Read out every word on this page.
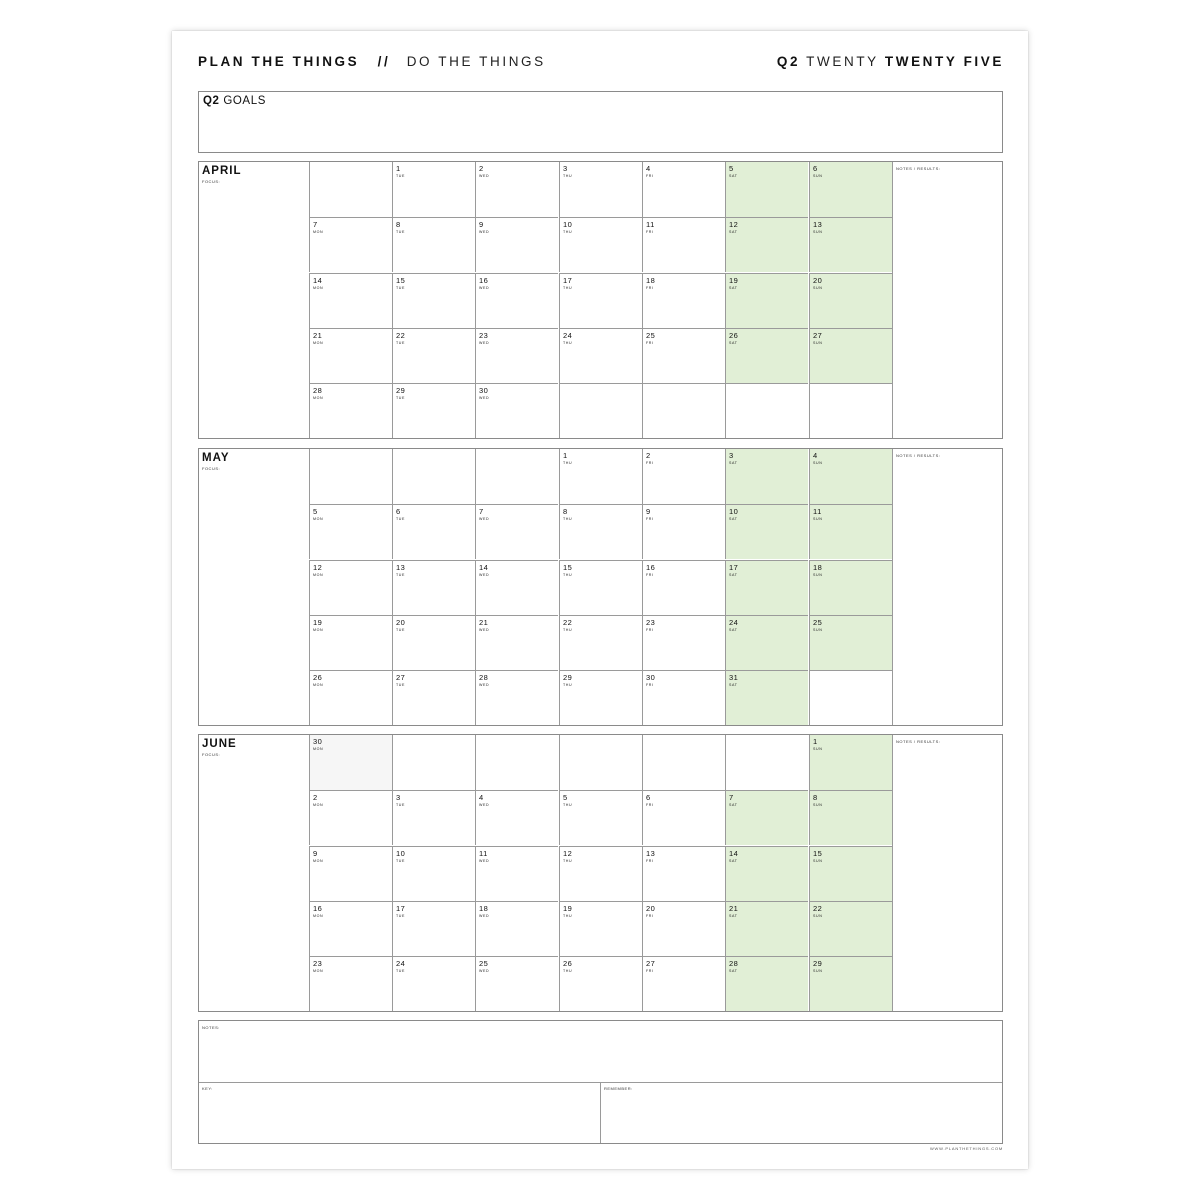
PLAN THE THINGS // DO THE THINGS	Q2 TWENTY TWENTY FIVE
Q2 GOALS
APRIL
FOCUS:
NOTES / RESULTS:
1
TUE
2
WED
3
THU
4
FRI
5
SAT
6
SUN
7
MON
8
TUE
9
WED
10
THU
11
FRI
12
SAT
13
SUN
14
MON
15
TUE
16
WED
17
THU
18
FRI
19
SAT
20
SUN
21
MON
22
TUE
23
WED
24
THU
25
FRI
26
SAT
27
SUN
28
MON
29
TUE
30
WED
MAY
FOCUS:
NOTES / RESULTS:
1
THU
2
FRI
3
SAT
4
SUN
5
MON
6
TUE
7
WED
8
THU
9
FRI
10
SAT
11
SUN
12
MON
13
TUE
14
WED
15
THU
16
FRI
17
SAT
18
SUN
19
MON
20
TUE
21
WED
22
THU
23
FRI
24
SAT
25
SUN
26
MON
27
TUE
28
WED
29
THU
30
FRI
31
SAT
JUNE
FOCUS:
NOTES / RESULTS:
30
MON
1
SUN
2
MON
3
TUE
4
WED
5
THU
6
FRI
7
SAT
8
SUN
9
MON
10
TUE
11
WED
12
THU
13
FRI
14
SAT
15
SUN
16
MON
17
TUE
18
WED
19
THU
20
FRI
21
SAT
22
SUN
23
MON
24
TUE
25
WED
26
THU
27
FRI
28
SAT
29
SUN
NOTES:
KEY:	REMEMBER:
WWW.PLANTHETHINGS.COM
